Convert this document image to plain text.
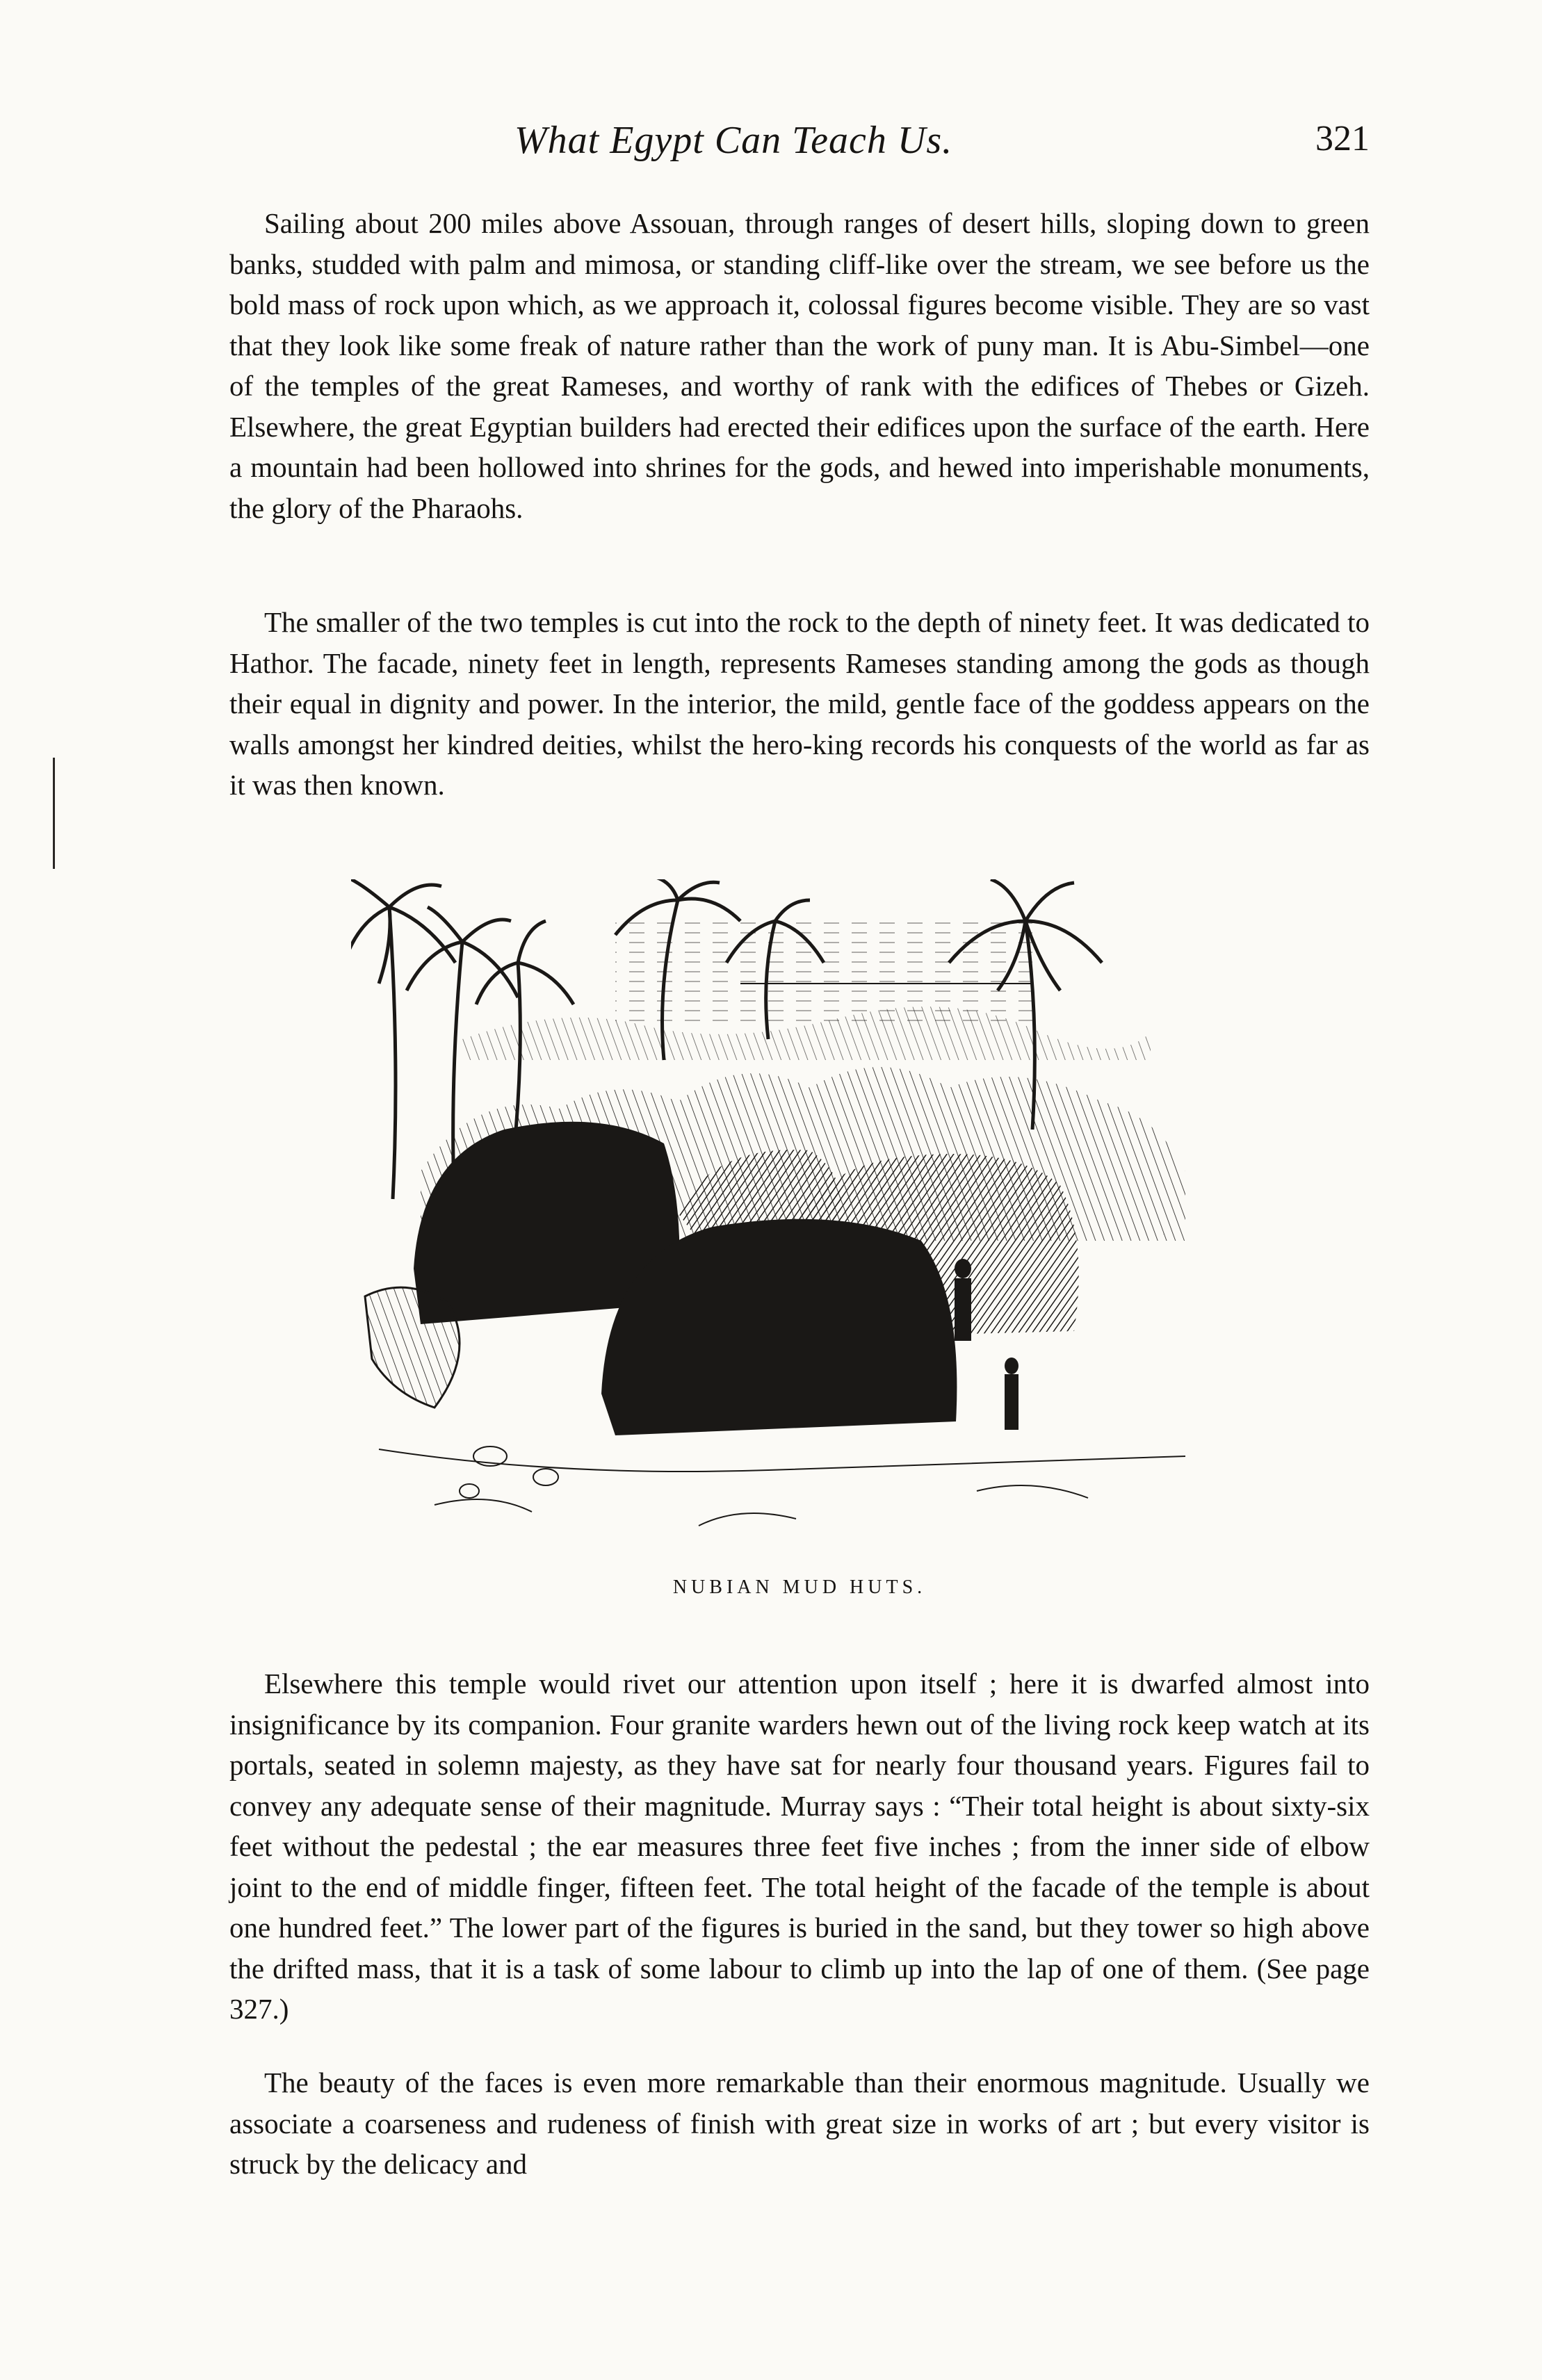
What Egypt Can Teach Us.	321

Sailing about 200 miles above Assouan, through ranges of desert hills, sloping down to green banks, studded with palm and mimosa, or standing cliff-like over the stream, we see before us the bold mass of rock upon which, as we approach it, colossal figures become visible. They are so vast that they look like some freak of nature rather than the work of puny man. It is Abu-Simbel—one of the temples of the great Rameses, and worthy of rank with the edifices of Thebes or Gizeh. Elsewhere, the great Egyptian builders had erected their edifices upon the surface of the earth. Here a mountain had been hollowed into shrines for the gods, and hewed into imperishable monuments, the glory of the Pharaohs.

The smaller of the two temples is cut into the rock to the depth of ninety feet. It was dedicated to Hathor. The facade, ninety feet in length, represents Rameses standing among the gods as though their equal in dignity and power. In the interior, the mild, gentle face of the goddess appears on the walls amongst her kindred deities, whilst the hero-king records his conquests of the world as far as it was then known.

NUBIAN MUD HUTS.

Elsewhere this temple would rivet our attention upon itself ; here it is dwarfed almost into insignificance by its companion. Four granite warders hewn out of the living rock keep watch at its portals, seated in solemn majesty, as they have sat for nearly four thousand years. Figures fail to convey any adequate sense of their magnitude. Murray says : “Their total height is about sixty-six feet without the pedestal ; the ear measures three feet five inches ; from the inner side of elbow joint to the end of middle finger, fifteen feet. The total height of the facade of the temple is about one hundred feet.” The lower part of the figures is buried in the sand, but they tower so high above the drifted mass, that it is a task of some labour to climb up into the lap of one of them. (See page 327.)

The beauty of the faces is even more remarkable than their enormous magnitude. Usually we associate a coarseness and rudeness of finish with great size in works of art ; but every visitor is struck by the delicacy and
